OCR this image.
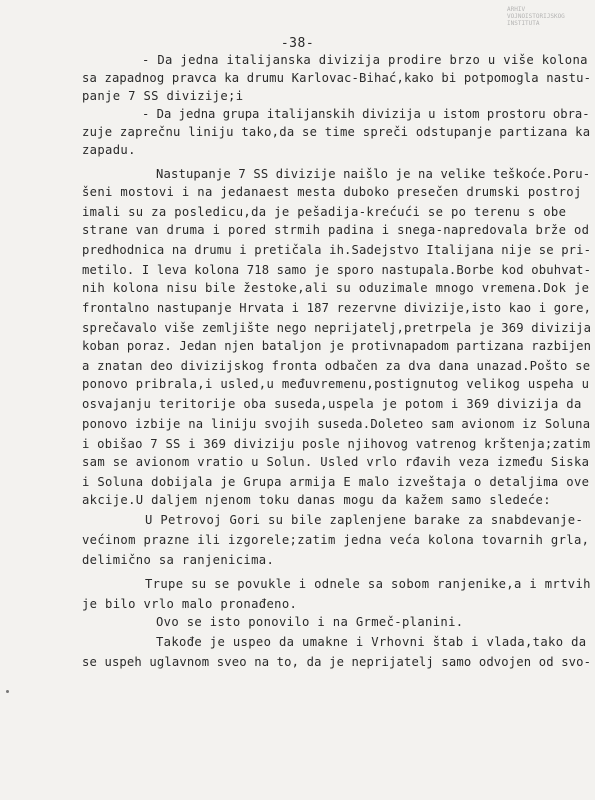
ARHIV VOJNOISTORIJSKOG INSTITUTA
-38-
- Da jedna italijanska divizija prodire brzo u više kolona
sa zapadnog pravca ka drumu Karlovac-Bihać,kako bi potpomogla nastu-
panje 7 SS divizije;i
- Da jedna grupa italijanskih divizija u istom prostoru obra-
zuje zaprečnu liniju tako,da se time spreči odstupanje partizana ka
zapadu.
Nastupanje 7 SS divizije naišlo je na velike teškoće.Poru-
šeni mostovi i na jedanaest mesta duboko presečen drumski postroj
imali su za posledicu,da je pešadija-krećući se po terenu s obe
strane van druma i pored strmih padina i snega-napredovala brže od
predhodnica na drumu i pretičala ih.Sadejstvo Italijana nije se pri-
metilo. I leva kolona 718 samo je sporo nastupala.Borbe kod obuhvat-
nih kolona nisu bile žestoke,ali su oduzimale mnogo vremena.Dok je
frontalno nastupanje Hrvata i 187 rezervne divizije,isto kao i gore,
sprečavalo više zemljište nego neprijatelj,pretrpela je 369 divizija
koban poraz. Jedan njen bataljon je protivnapadom partizana razbijen
a znatan deo divizijskog fronta odbačen za dva dana unazad.Pošto se
ponovo pribrala,i usled,u međuvremenu,postignutog velikog uspeha u
osvajanju teritorije oba suseda,uspela je potom i 369 divizija da
ponovo izbije na liniju svojih suseda.Doleteo sam avionom iz Soluna
i obišao 7 SS i 369 diviziju posle njihovog vatrenog krštenja;zatim
sam se avionom vratio u Solun. Usled vrlo rđavih veza između Siska
i Soluna dobijala je Grupa armija E malo izveštaja o detaljima ove
akcije.U daljem njenom toku danas mogu da kažem samo sledeće:
U Petrovoj Gori su bile zaplenjene barake za snabdevanje-
većinom prazne ili izgorele;zatim jedna veća kolona tovarnih grla,
delimično sa ranjenicima.
Trupe su se povukle i odnele sa sobom ranjenike,a i mrtvih
je bilo vrlo malo pronađeno.
Ovo se isto ponovilo i na Grmeč-planini.
Takođe je uspeo da umakne i Vrhovni štab i vlada,tako da
se uspeh uglavnom sveo na to, da je neprijatelj samo odvojen od svo-
